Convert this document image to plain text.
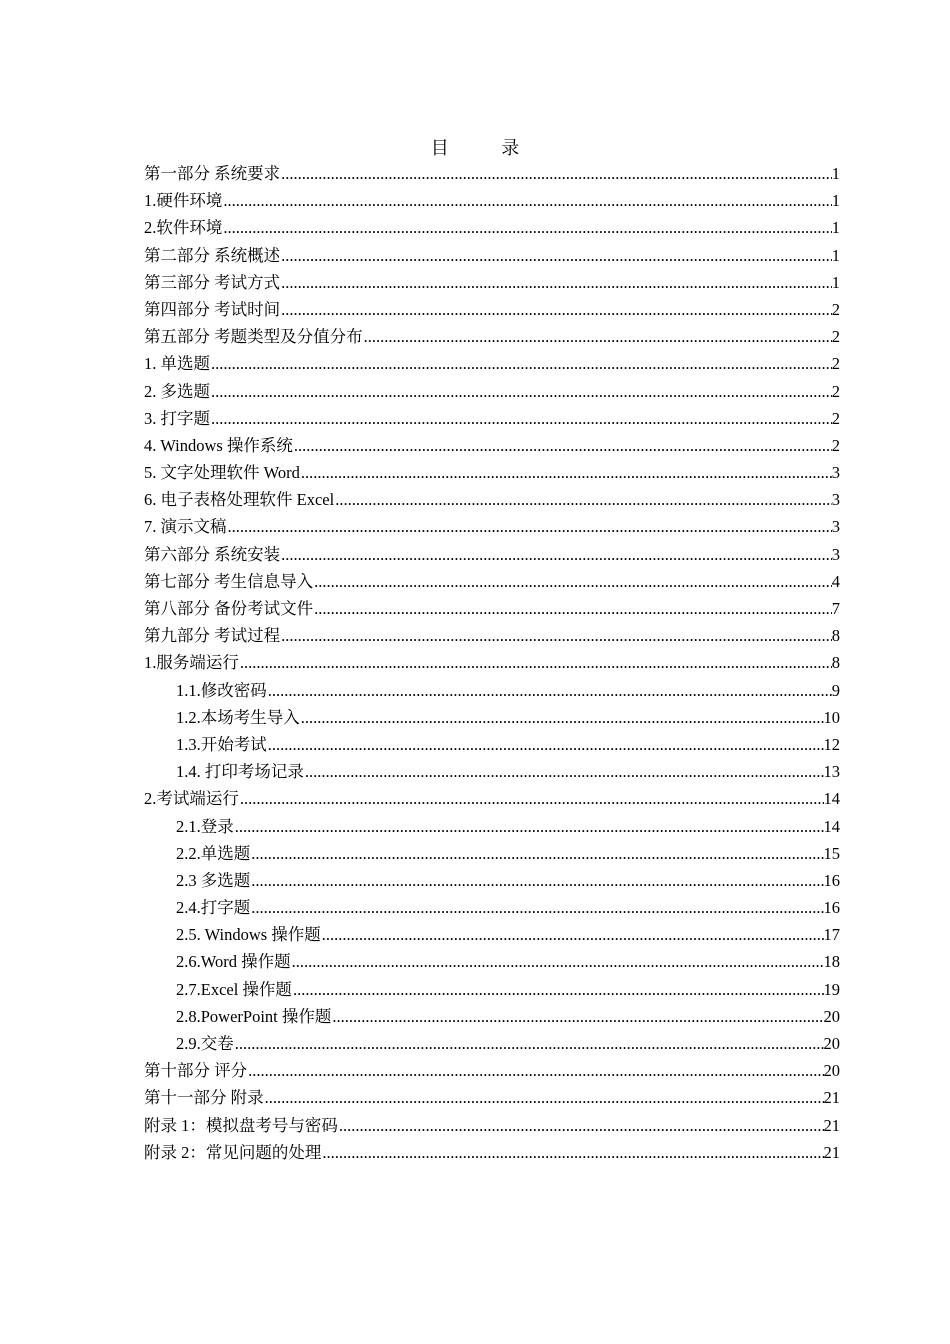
目 录
第一部分 系统要求 .....	1
1.硬件环境 .....	1
2.软件环境 .....	1
第二部分 系统概述 .....	1
第三部分 考试方式 .....	1
第四部分 考试时间 .....	2
第五部分 考题类型及分值分布 .....	2
1. 单选题 .....	2
2. 多选题 .....	2
3. 打字题 .....	2
4. Windows 操作系统 .....	2
5. 文字处理软件 Word .....	3
6. 电子表格处理软件 Excel .....	3
7. 演示文稿 .....	3
第六部分 系统安装 .....	3
第七部分 考生信息导入 .....	4
第八部分 备份考试文件 .....	7
第九部分 考试过程 .....	8
1.服务端运行 .....	8
1.1.修改密码 .....	9
1.2.本场考生导入 .....	10
1.3.开始考试 .....	12
1.4. 打印考场记录 .....	13
2.考试端运行 .....	14
2.1.登录 .....	14
2.2.单选题 .....	15
2.3 多选题 .....	16
2.4.打字题 .....	16
2.5. Windows 操作题 .....	17
2.6.Word 操作题 .....	18
2.7.Excel 操作题 .....	19
2.8.PowerPoint 操作题 .....	20
2.9.交卷 .....	20
第十部分 评分 .....	20
第十一部分 附录 .....	21
附录 1：模拟盘考号与密码 .....	21
附录 2：常见问题的处理 .....	21
